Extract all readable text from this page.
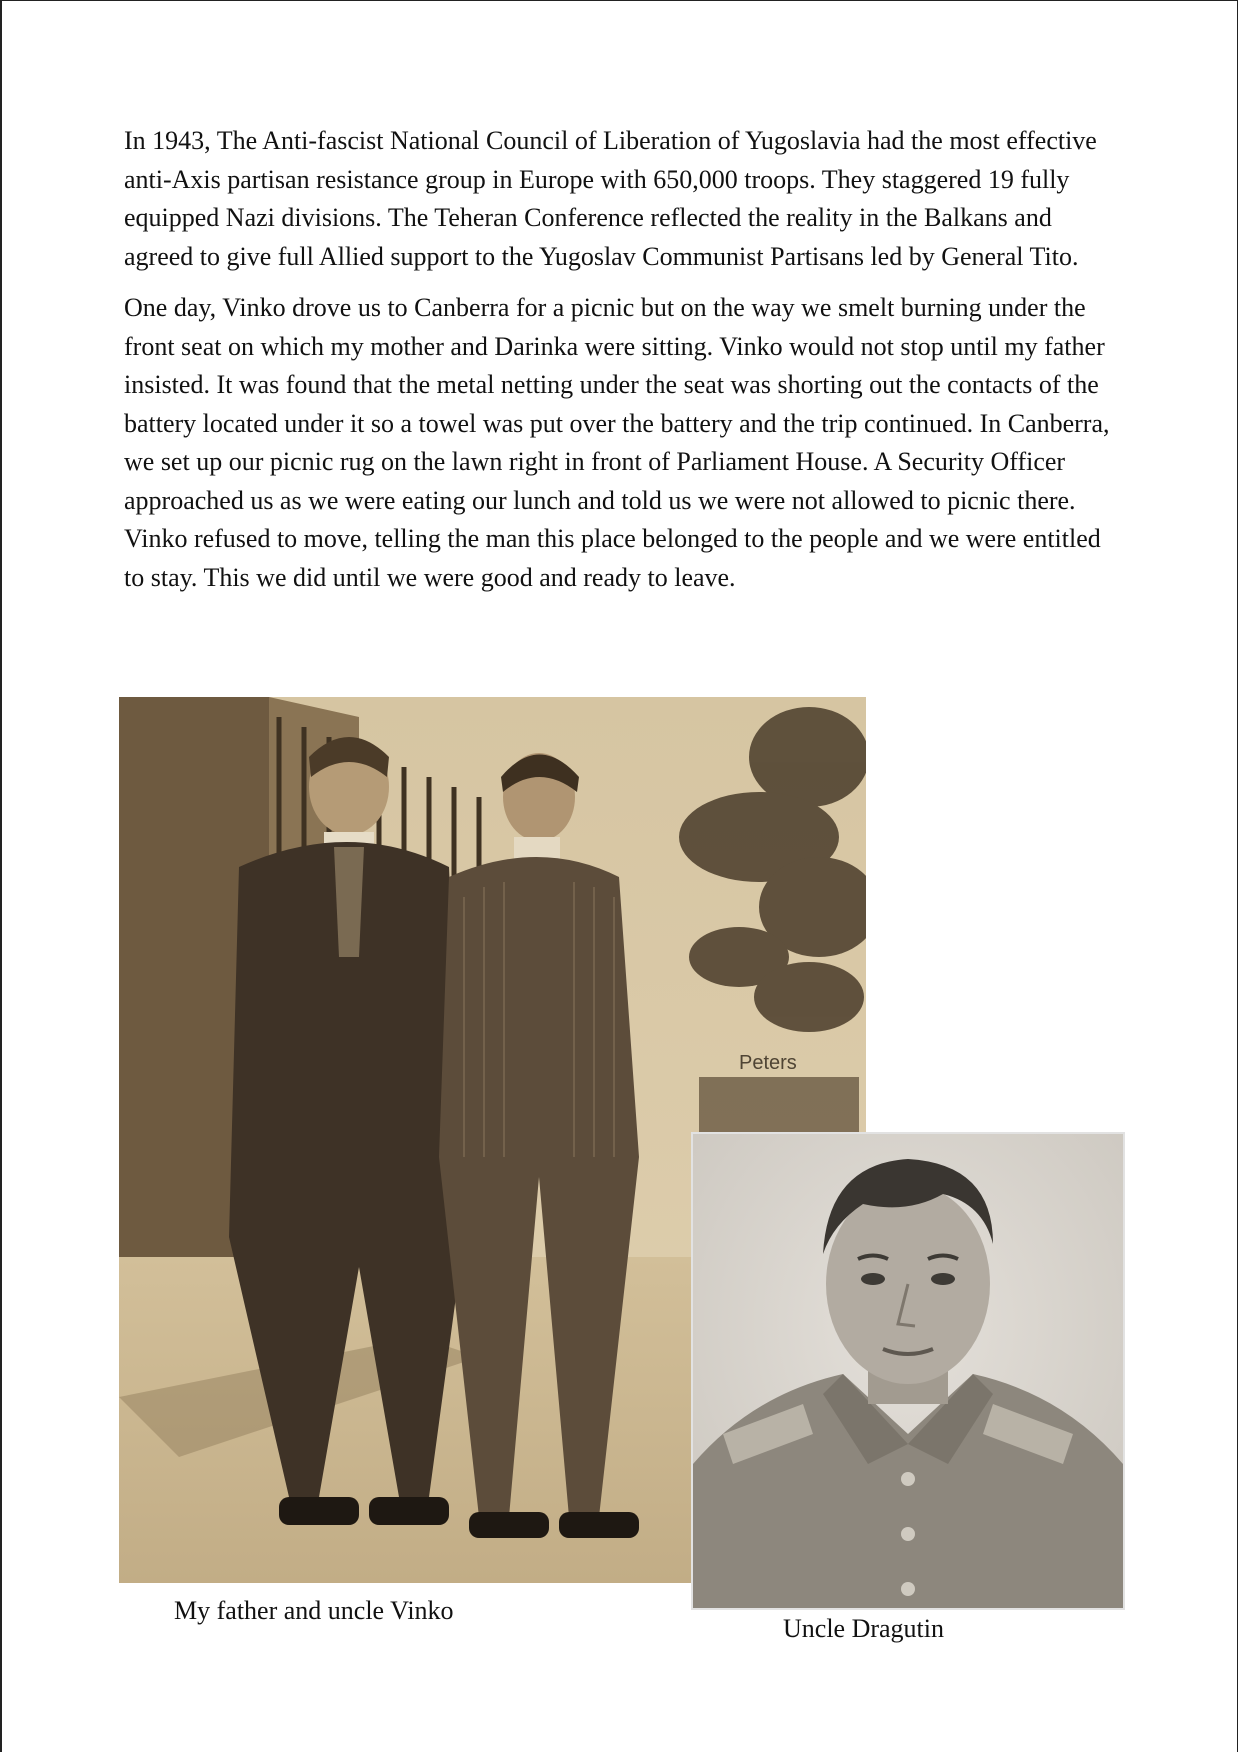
In 1943, The Anti-fascist National Council of Liberation of Yugoslavia had the most effective anti-Axis partisan resistance group in Europe with 650,000 troops. They staggered 19 fully equipped Nazi divisions. The Teheran Conference reflected the reality in the Balkans and agreed to give full Allied support to the Yugoslav Communist Partisans led by General Tito.

One day, Vinko drove us to Canberra for a picnic but on the way we smelt burning under the front seat on which my mother and Darinka were sitting. Vinko would not stop until my father insisted. It was found that the metal netting under the seat was shorting out the contacts of the battery located under it so a towel was put over the battery and the trip continued. In Canberra, we set up our picnic rug on the lawn right in front of Parliament House. A Security Officer approached us as we were eating our lunch and told us we were not allowed to picnic there. Vinko refused to move, telling the man this place belonged to the people and we were entitled to stay. This we did until we were good and ready to leave.

Peters
My father and uncle Vinko
Uncle Dragutin
